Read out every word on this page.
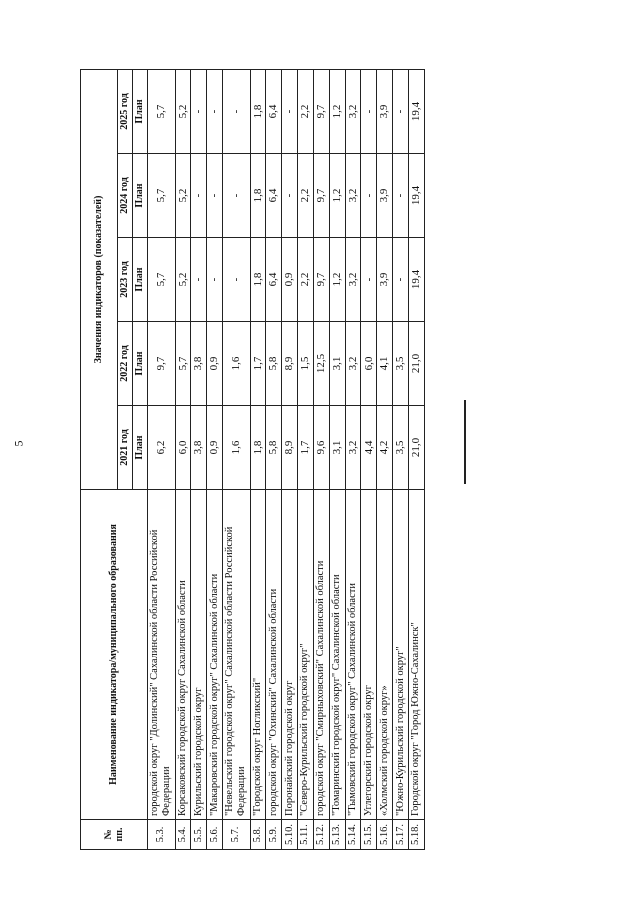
5
№ пп.	Наименование индикатора/муниципального образования	Значения индикаторов (показателей)				
		2021 год	2022 год	2023 год	2024 год	2025 год
		План	План	План	План	План
5.3.	городской округ "Долинский" Сахалинской области Российской Федерации	6,2	9,7	5,7	5,7	5,7
5.4.	Корсаковский городской округ Сахалинской области	6,0	5,7	5,2	5,2	5,2
5.5.	Курильский городской округ	3,8	3,8	-	-	-
5.6.	"Макаровский городской округ" Сахалинской области	0,9	0,9	-	-	-
5.7.	"Невельский городской округ" Сахалинской области Российской Федерации	1,6	1,6	-	-	-
5.8.	"Городской округ Ногликский"	1,8	1,7	1,8	1,8	1,8
5.9.	городской округ "Охинский" Сахалинской области	5,8	5,8	6,4	6,4	6,4
5.10.	Поронайский городской округ	8,9	8,9	0,9	-	-
5.11.	"Северо-Курильский городской округ"	1,7	1,5	2,2	2,2	2,2
5.12.	городской округ "Смирныховский" Сахалинской области	9,6	12,5	9,7	9,7	9,7
5.13.	"Томаринский городской округ" Сахалинской области	3,1	3,1	1,2	1,2	1,2
5.14.	"Тымовский городской округ" Сахалинской области	3,2	3,2	3,2	3,2	3,2
5.15.	Углегорский городской округ	4,4	6,0	-	-	-
5.16.	«Холмский городской округ»	4,2	4,1	3,9	3,9	3,9
5.17.	"Южно-Курильский городской округ"	3,5	3,5	-	-	-
5.18.	Городской округ "Город Южно-Сахалинск"	21,0	21,0	19,4	19,4	19,4
